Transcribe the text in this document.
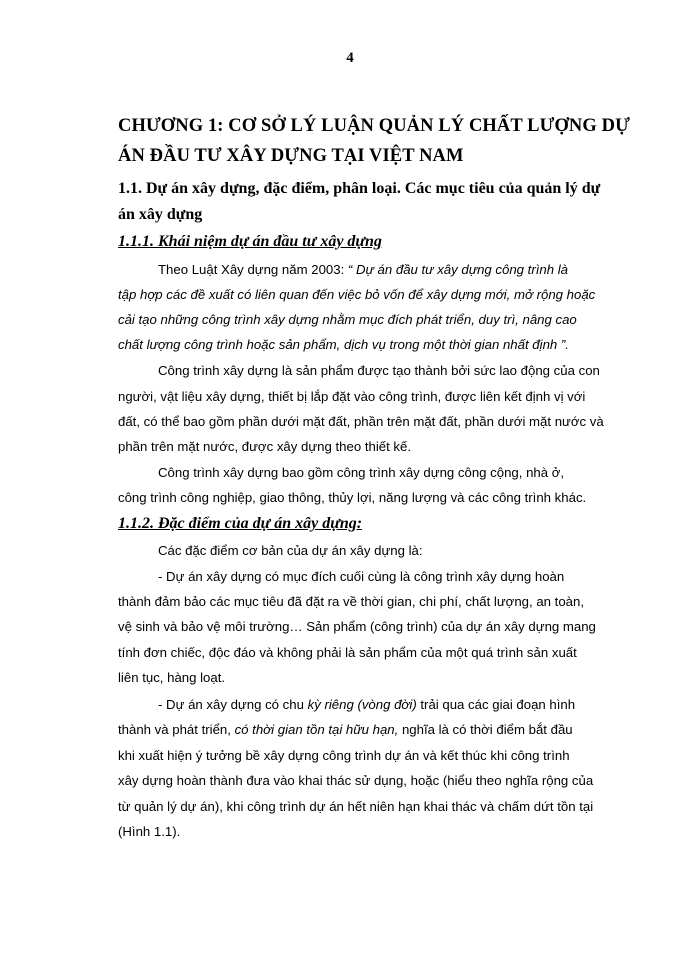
4
CHƯƠNG 1: CƠ SỞ LÝ LUẬN QUẢN LÝ CHẤT LƯỢNG DỰ
ÁN ĐẦU TƯ XÂY DỰNG TẠI VIỆT NAM
1.1. Dự án xây dựng, đặc điểm, phân loại. Các mục tiêu của quản lý dự
án xây dựng
1.1.1. Khái niệm dự án đầu tư xây dựng
Theo Luật Xây dựng năm 2003: “ Dự án đầu tư xây dựng công trình là
tập hợp các đề xuất có liên quan đến việc bỏ vốn để xây dựng mới, mở rộng hoặc
cải tạo những công trình xây dựng nhằm mục đích phát triển, duy trì, nâng cao
chất lượng công trình hoặc sản phẩm, dịch vụ trong một thời gian nhất định ”.
Công trình xây dựng là sản phẩm được tạo thành bởi sức lao động của con
người, vật liệu xây dựng, thiết bị lắp đặt vào công trình, được liên kết định vị với
đất, có thể bao gồm phần dưới mặt đất, phần trên mặt đất, phần dưới mặt nước và
phần trên mặt nước, được xây dựng theo thiết kế.
Công trình xây dựng bao gồm công trình xây dựng công cộng, nhà ở,
công trình công nghiệp, giao thông, thủy lợi, năng lượng và các công trình khác.
1.1.2. Đặc điểm của dự án xây dựng:
Các đặc điểm cơ bản của dự án xây dựng là:
- Dự án xây dựng có mục đích cuối cùng là công trình xây dựng hoàn
thành đảm bảo các mục tiêu đã đặt ra về thời gian, chi phí, chất lượng, an toàn,
vệ sinh và bảo vệ môi trường… Sản phẩm (công trình) của dự án xây dựng mang
tính đơn chiếc, độc đáo và không phải là sản phẩm của một quá trình sản xuất
liên tục, hàng loạt.
- Dự án xây dựng có chu kỳ riêng (vòng đời) trải qua các giai đoạn hình
thành và phát triển, có thời gian tồn tại hữu hạn, nghĩa là có thời điểm bắt đầu
khi xuất hiện ý tưởng bề xây dựng công trình dự án và kết thúc khi công trình
xây dựng hoàn thành đưa vào khai thác sử dụng, hoặc (hiểu theo nghĩa rộng của
từ quản lý dự án), khi công trình dự án hết niên hạn khai thác và chấm dứt tồn tại
(Hình 1.1).
